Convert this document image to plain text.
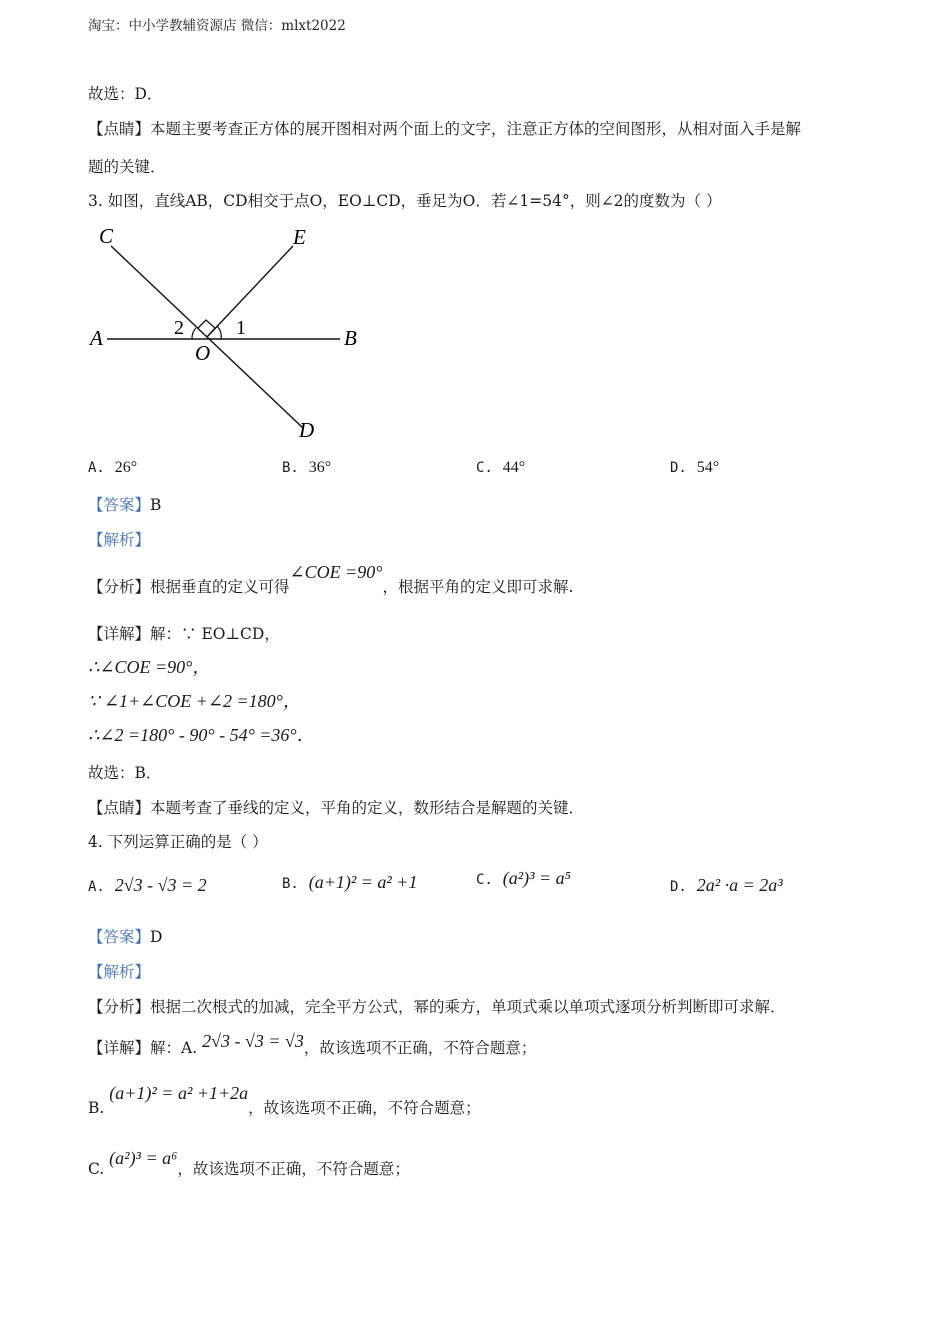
淘宝：中小学教辅资源店 微信：mlxt2022
故选：D．
【点睛】本题主要考查正方体的展开图相对两个面上的文字，注意正方体的空间图形，从相对面入手是解
题的关键．
3. 如图，直线AB，CD相交于点O，EO⊥CD，垂足为O．若∠1=54°，则∠2的度数为（ ）
C	E
A	B
O
D
1
2
A. 26°	B. 36°	C. 44°	D. 54°
【答案】B
【解析】
【分析】根据垂直的定义可得∠COE =90°，根据平角的定义即可求解.
【详解】解：∵ EO⊥CD，
∴∠COE =90°，
∵ ∠1+∠COE +∠2 =180°，
∴∠2 =180° - 90° - 54° =36°．
故选：B．
【点睛】本题考查了垂线的定义，平角的定义，数形结合是解题的关键．
4. 下列运算正确的是（ ）
A. 2√3 - √3 = 2	B. (a+1)² = a² +1	C. (a²)³ = a⁵	D. 2a² ·a = 2a³
【答案】D
【解析】
【分析】根据二次根式的加减，完全平方公式，幂的乘方，单项式乘以单项式逐项分析判断即可求解．
【详解】解：A. 2√3 - √3 = √3，故该选项不正确，不符合题意；
B. (a+1)² = a² +1+2a，故该选项不正确，不符合题意；
C. (a²)³ = a⁶，故该选项不正确，不符合题意；
